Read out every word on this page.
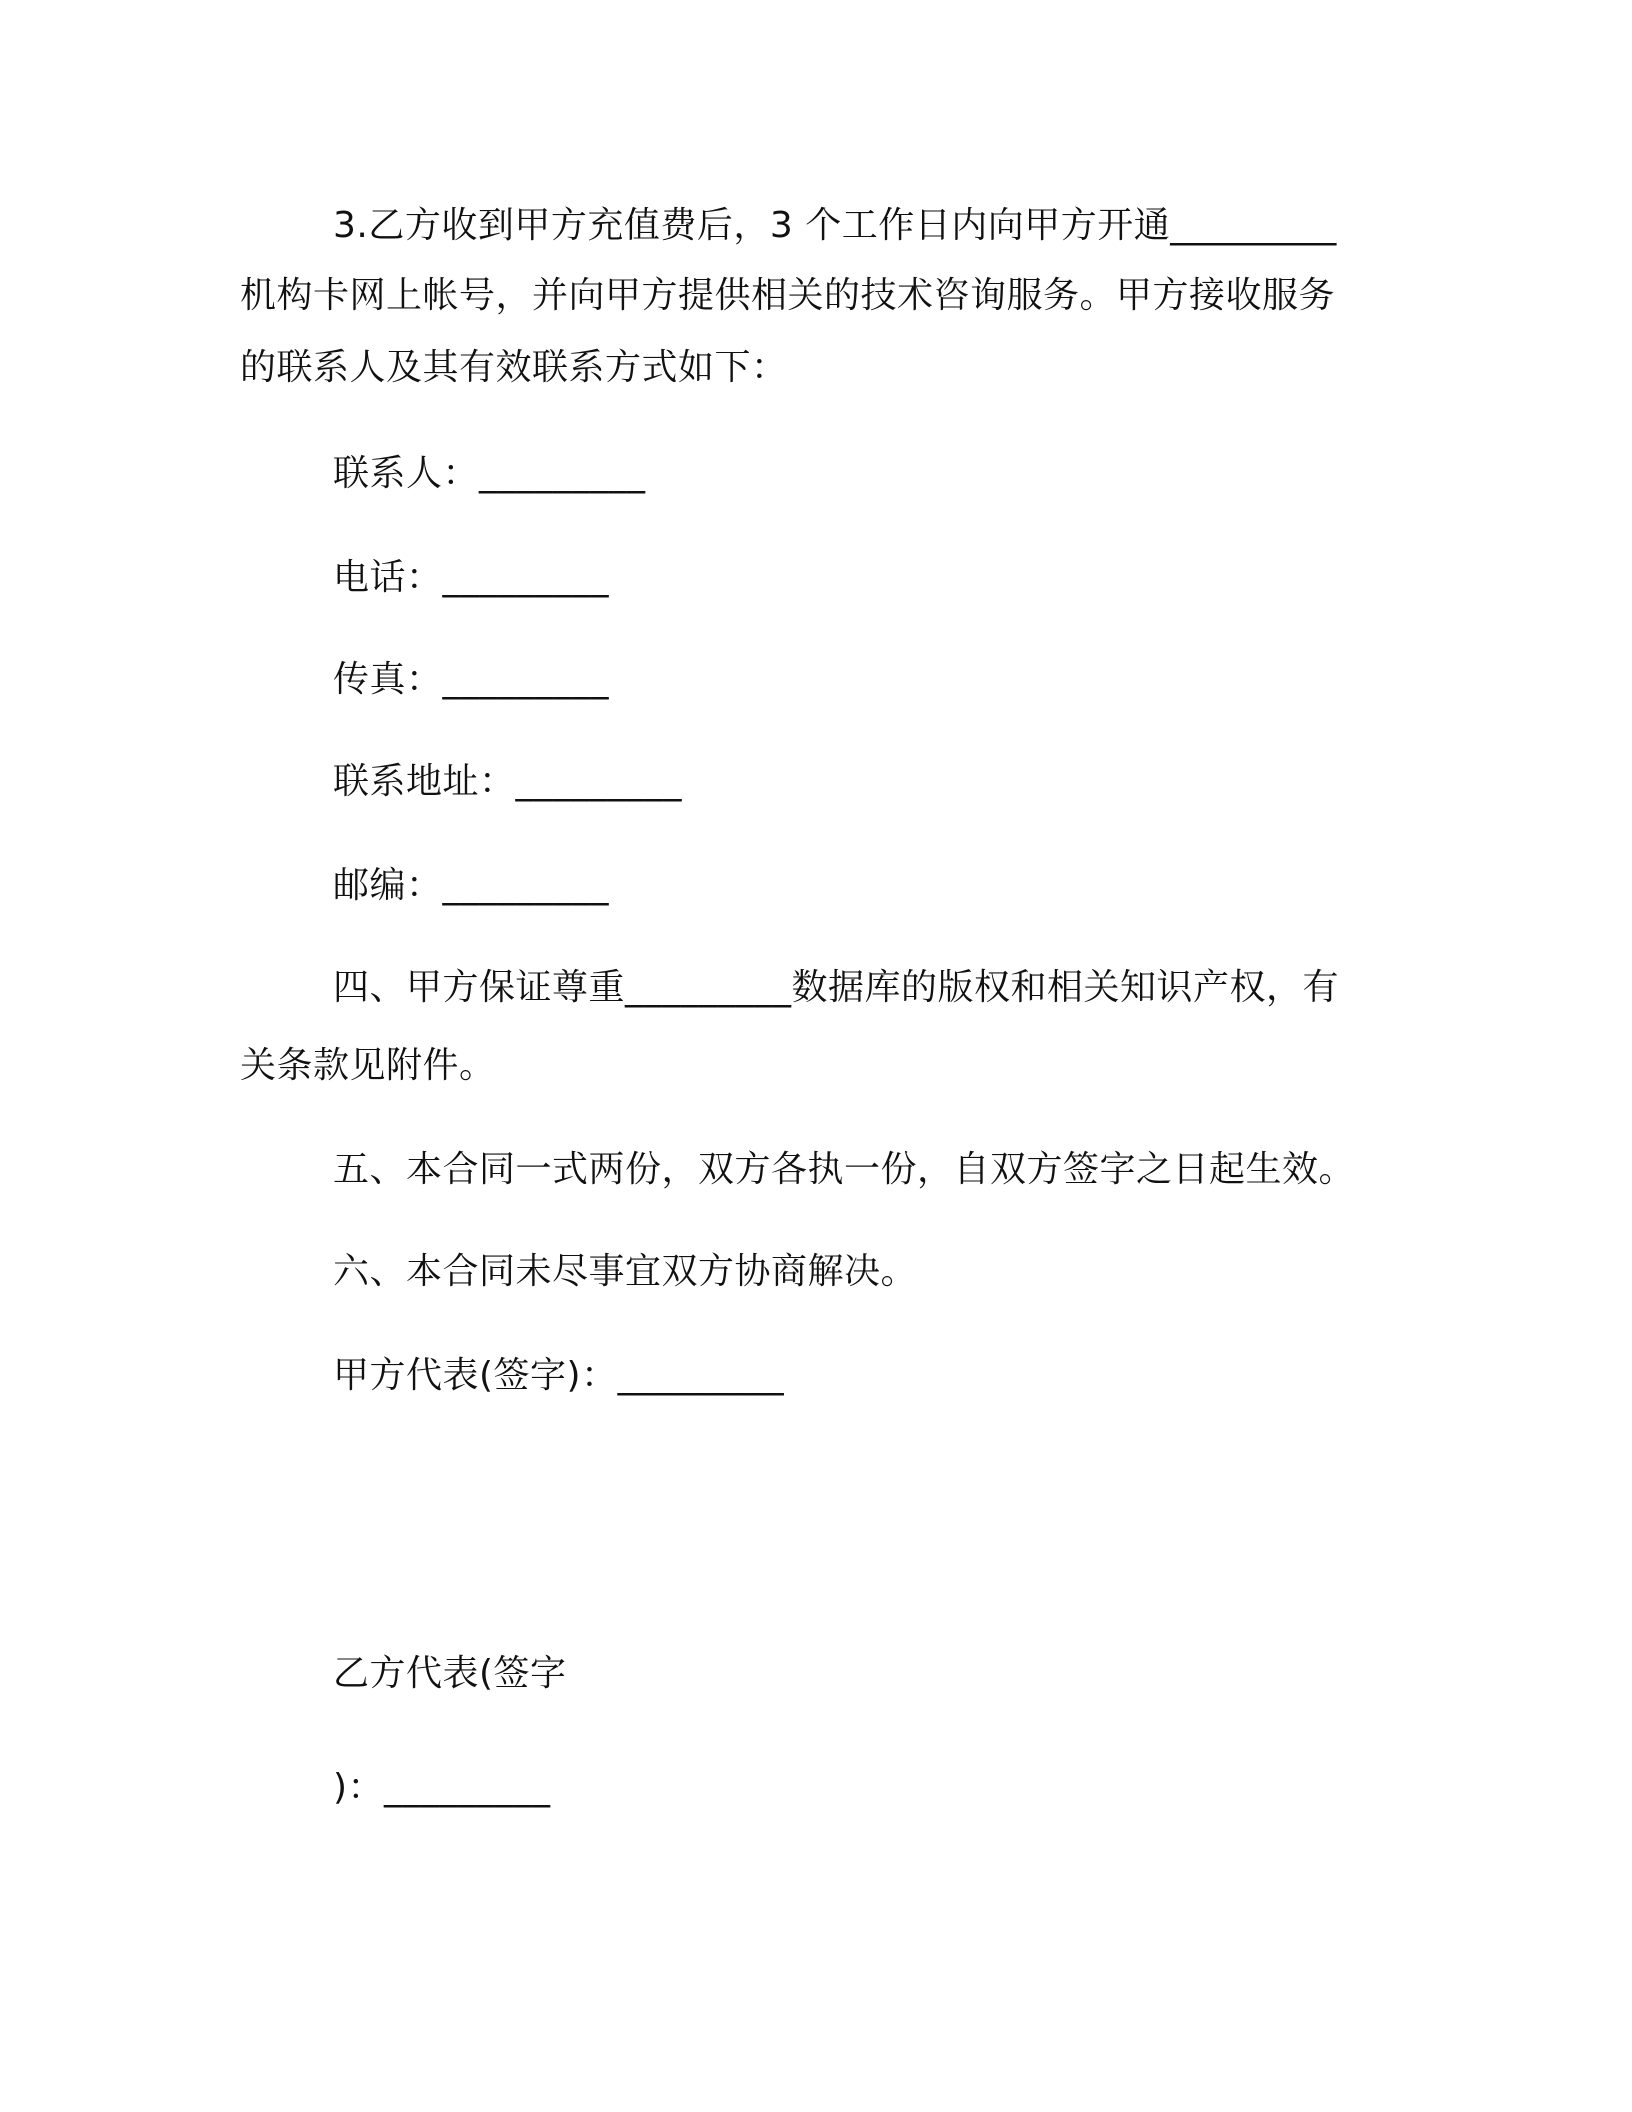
3.乙方收到甲方充值费后，3 个工作日内向甲方开通_________
机构卡网上帐号，并向甲方提供相关的技术咨询服务。甲方接收服务
的联系人及其有效联系方式如下：
联系人：_________
电话：_________
传真：_________
联系地址：_________
邮编：_________
四、甲方保证尊重_________数据库的版权和相关知识产权，有
关条款见附件。
五、本合同一式两份，双方各执一份，自双方签字之日起生效。
六、本合同未尽事宜双方协商解决。
甲方代表(签字)：_________
乙方代表(签字
)：_________
